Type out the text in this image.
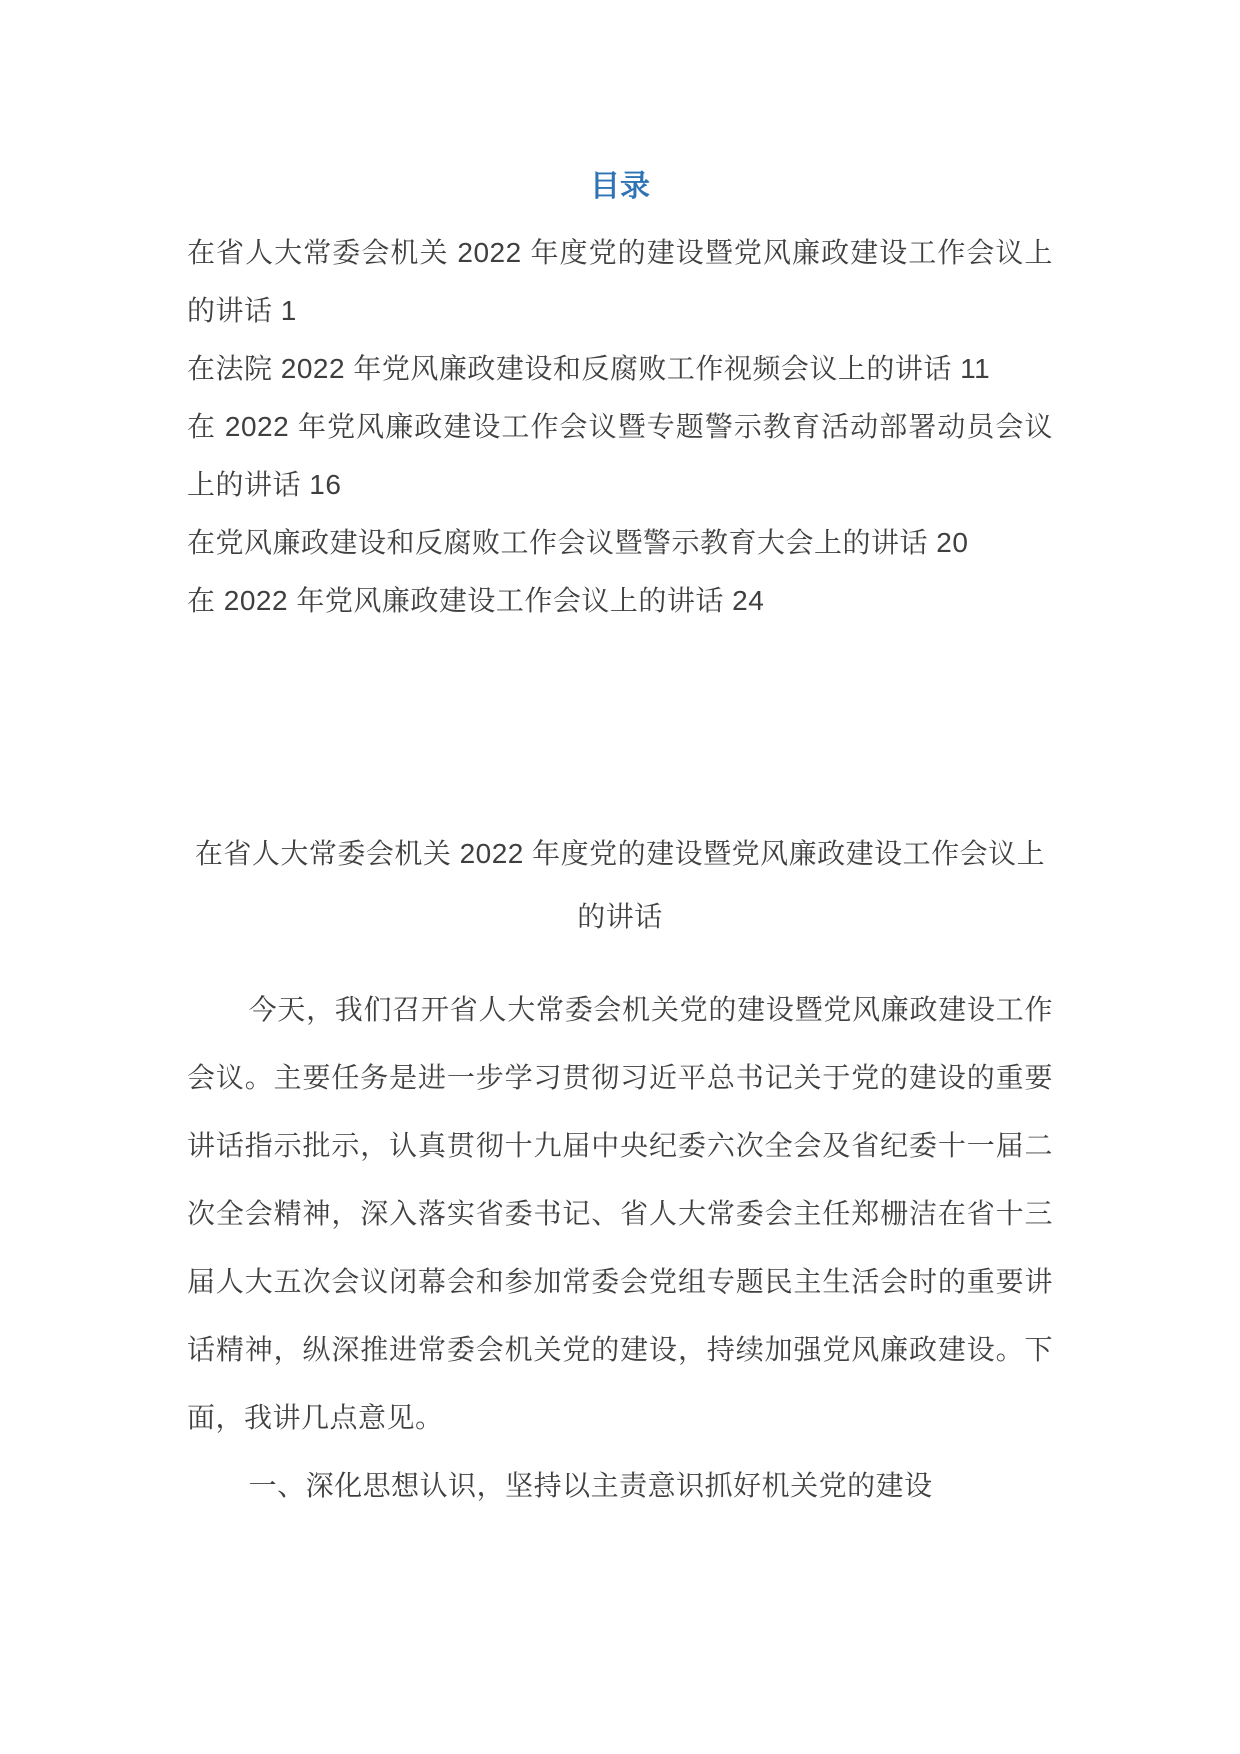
目录

在省人大常委会机关 2022 年度党的建设暨党风廉政建设工作会议上的讲话 1

在法院 2022 年党风廉政建设和反腐败工作视频会议上的讲话 11

在 2022 年党风廉政建设工作会议暨专题警示教育活动部署动员会议上的讲话 16

在党风廉政建设和反腐败工作会议暨警示教育大会上的讲话 20

在 2022 年党风廉政建设工作会议上的讲话 24

在省人大常委会机关 2022 年度党的建设暨党风廉政建设工作会议上的讲话

今天，我们召开省人大常委会机关党的建设暨党风廉政建设工作会议。主要任务是进一步学习贯彻习近平总书记关于党的建设的重要讲话指示批示，认真贯彻十九届中央纪委六次全会及省纪委十一届二次全会精神，深入落实省委书记、省人大常委会主任郑栅洁在省十三届人大五次会议闭幕会和参加常委会党组专题民主生活会时的重要讲话精神，纵深推进常委会机关党的建设，持续加强党风廉政建设。下面，我讲几点意见。

一、深化思想认识，坚持以主责意识抓好机关党的建设
